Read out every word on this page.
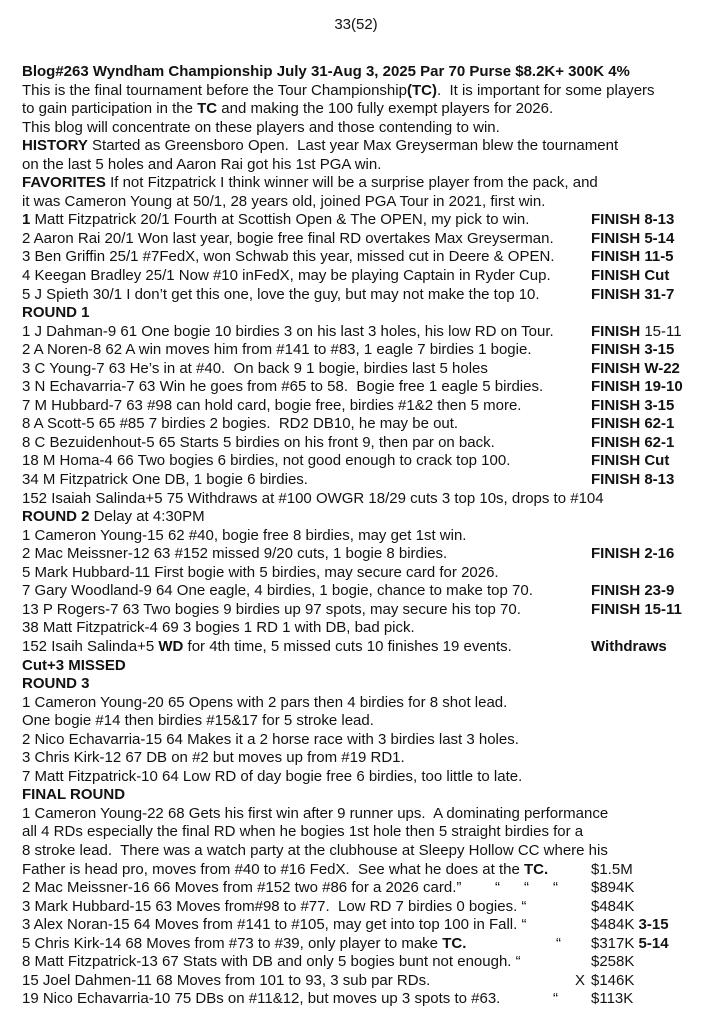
33(52)
Blog#263 Wyndham Championship July 31-Aug 3, 2025 Par 70 Purse $8.2K+ 300K 4%
This is the final tournament before the Tour Championship(TC).  It is important for some players
to gain participation in the TC and making the 100 fully exempt players for 2026.
This blog will concentrate on these players and those contending to win.
HISTORY Started as Greensboro Open.  Last year Max Greyserman blew the tournament
on the last 5 holes and Aaron Rai got his 1st PGA win.
FAVORITES If not Fitzpatrick I think winner will be a surprise player from the pack, and
it was Cameron Young at 50/1, 28 years old, joined PGA Tour in 2021, first win.
1 Matt Fitzpatrick 20/1 Fourth at Scottish Open & The OPEN, my pick to win.	FINISH 8-13
2 Aaron Rai 20/1 Won last year, bogie free final RD overtakes Max Greyserman. FINISH 5-14
3 Ben Griffin 25/1 #7FedX, won Schwab this year, missed cut in Deere & OPEN. FINISH 11-5
4 Keegan Bradley 25/1 Now #10 inFedX, may be playing Captain in Ryder Cup.	FINISH Cut
5 J Spieth 30/1 I don’t get this one, love the guy, but may not make the top 10.	FINISH 31-7
ROUND 1
1 J Dahman-9 61 One bogie 10 birdies 3 on his last 3 holes, his low RD on Tour. FINISH 15-11
2 A Noren-8 62 A win moves him from #141 to #83, 1 eagle 7 birdies 1 bogie.	FINISH 3-15
3 C Young-7 63 He’s in at #40.  On back 9 1 bogie, birdies last 5 holes	FINISH W-22
3 N Echavarria-7 63 Win he goes from #65 to 58.  Bogie free 1 eagle 5 birdies.	FINISH 19-10
7 M Hubbard-7 63 #98 can hold card, bogie free, birdies #1&2 then 5 more.	FINISH 3-15
8 A Scott-5 65 #85 7 birdies 2 bogies.  RD2 DB10, he may be out.	FINISH 62-1
8 C Bezuidenhout-5 65 Starts 5 birdies on his front 9, then par on back.	FINISH 62-1
18 M Homa-4 66 Two bogies 6 birdies, not good enough to crack top 100.	FINISH Cut
34 M Fitzpatrick One DB, 1 bogie 6 birdies.	FINISH 8-13
152 Isaiah Salinda+5 75 Withdraws at #100 OWGR 18/29 cuts 3 top 10s, drops to #104
ROUND 2 Delay at 4:30PM
1 Cameron Young-15 62 #40, bogie free 8 birdies, may get 1st win.
2 Mac Meissner-12 63 #152 missed 9/20 cuts, 1 bogie 8 birdies.	FINISH 2-16
5 Mark Hubbard-11 First bogie with 5 birdies, may secure card for 2026.
7 Gary Woodland-9 64 One eagle, 4 birdies, 1 bogie, chance to make top 70.	FINISH 23-9
13 P Rogers-7 63 Two bogies 9 birdies up 97 spots, may secure his top 70.	FINISH 15-11
38 Matt Fitzpatrick-4 69 3 bogies 1 RD 1 with DB, bad pick.
152 Isaih Salinda+5 WD for 4th time, 5 missed cuts 10 finishes 19 events.	Withdraws
Cut+3 MISSED
ROUND 3
1 Cameron Young-20 65 Opens with 2 pars then 4 birdies for 8 shot lead.
One bogie #14 then birdies #15&17 for 5 stroke lead.
2 Nico Echavarria-15 64 Makes it a 2 horse race with 3 birdies last 3 holes.
3 Chris Kirk-12 67 DB on #2 but moves up from #19 RD1.
7 Matt Fitzpatrick-10 64 Low RD of day bogie free 6 birdies, too little to late.
FINAL ROUND
1 Cameron Young-22 68 Gets his first win after 9 runner ups.  A dominating performance
all 4 RDs especially the final RD when he bogies 1st hole then 5 straight birdies for a
8 stroke lead.  There was a watch party at the clubhouse at Sleepy Hollow CC where his
Father is head pro, moves from #40 to #16 FedX.  See what he does at the TC.	$1.5M
2 Mac Meissner-16 66 Moves from #152 two #86 for a 2026 card.” “ “ “ $894K
3 Mark Hubbard-15 63 Moves from#98 to #77.  Low RD 7 birdies 0 bogies. “	$484K
3 Alex Noran-15 64 Moves from #141 to #105, may get into top 100 in Fall. “	$484K 3-15
5 Chris Kirk-14 68 Moves from #73 to #39, only player to make TC.	“ $317K 5-14
8 Matt Fitzpatrick-13 67 Stats with DB and only 5 bogies bunt not enough. “	$258K
15 Joel Dahmen-11 68 Moves from 101 to 93, 3 sub par RDs.	X $146K
19 Nico Echavarria-10 75 DBs on #11&12, but moves up 3 spots to #63.	“ $113K
